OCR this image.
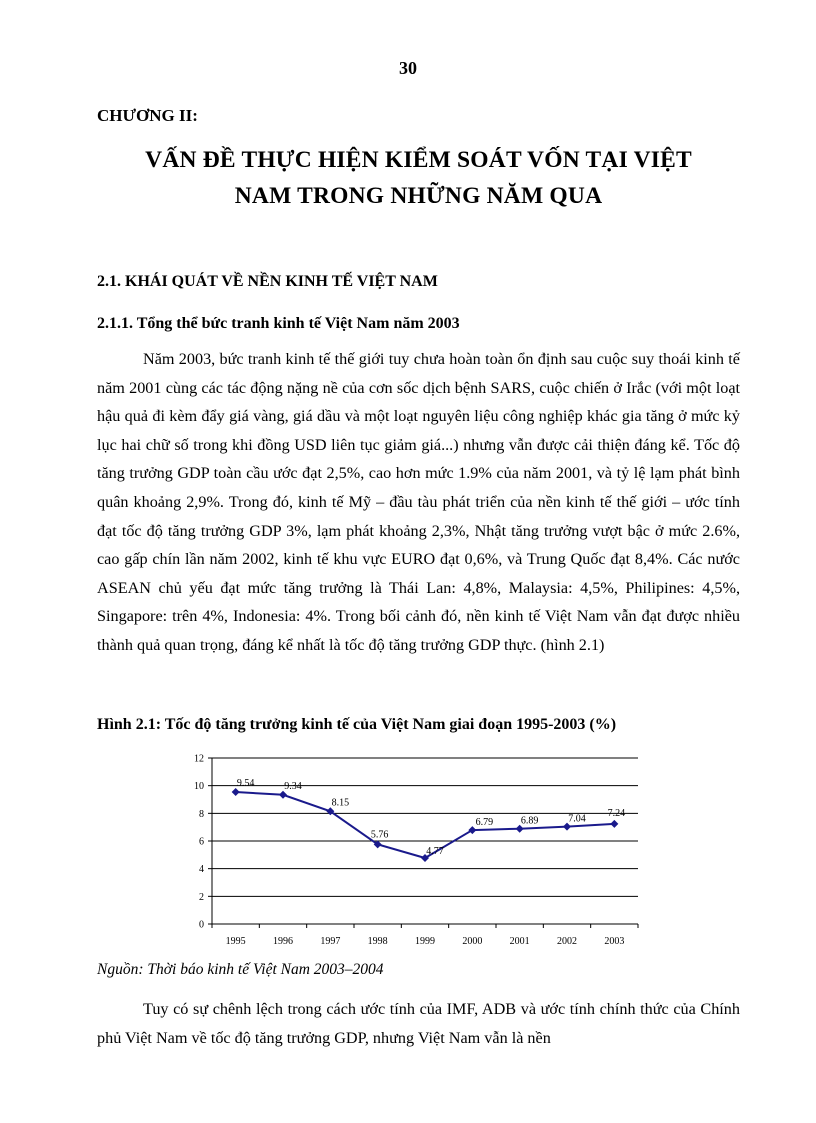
30
CHƯƠNG II:
VẤN ĐỀ THỰC HIỆN KIỂM SOÁT VỐN TẠI VIỆT
NAM TRONG NHỮNG NĂM QUA
2.1. KHÁI QUÁT VỀ NỀN KINH TẾ VIỆT NAM
2.1.1. Tổng thể bức tranh kinh tế Việt Nam năm 2003

Năm 2003, bức tranh kinh tế thế giới tuy chưa hoàn toàn ổn định sau cuộc suy thoái kinh tế năm 2001 cùng các tác động nặng nề của cơn sốc dịch bệnh SARS, cuộc chiến ở Irắc (với một loạt hậu quả đi kèm đẩy giá vàng, giá dầu và một loạt nguyên liệu công nghiệp khác gia tăng ở mức kỷ lục hai chữ số trong khi đồng USD liên tục giảm giá...) nhưng vẫn được cải thiện đáng kể. Tốc độ tăng trưởng GDP toàn cầu ước đạt 2,5%, cao hơn mức 1.9% của năm 2001, và tỷ lệ lạm phát bình quân khoảng 2,9%. Trong đó, kinh tế Mỹ – đầu tàu phát triển của nền kinh tế thế giới – ước tính đạt tốc độ tăng trưởng GDP 3%, lạm phát khoảng 2,3%, Nhật tăng trưởng vượt bậc ở mức 2.6%, cao gấp chín lần năm 2002, kinh tế khu vực EURO đạt 0,6%, và Trung Quốc đạt 8,4%. Các nước ASEAN chủ yếu đạt mức tăng trưởng là Thái Lan: 4,8%, Malaysia: 4,5%, Philipines: 4,5%, Singapore: trên 4%, Indonesia: 4%. Trong bối cảnh đó, nền kinh tế Việt Nam vẫn đạt được nhiều thành quả quan trọng, đáng kể nhất là tốc độ tăng trưởng GDP thực. (hình 2.1)

Hình 2.1: Tốc độ tăng trưởng kinh tế của Việt Nam giai đoạn 1995-2003 (%)
0
2
4
6
8
10
12
1995	1996	1997	1998	1999	2000	2001	2002	2003
9.54	9.34
8.15
5.76
4.77
6.79	6.89	7.04
7.24
Nguồn: Thời báo kinh tế Việt Nam 2003–2004

Tuy có sự chênh lệch trong cách ước tính của IMF, ADB và ước tính chính thức của Chính phủ Việt Nam về tốc độ tăng trưởng GDP, nhưng Việt Nam vẫn là nền
